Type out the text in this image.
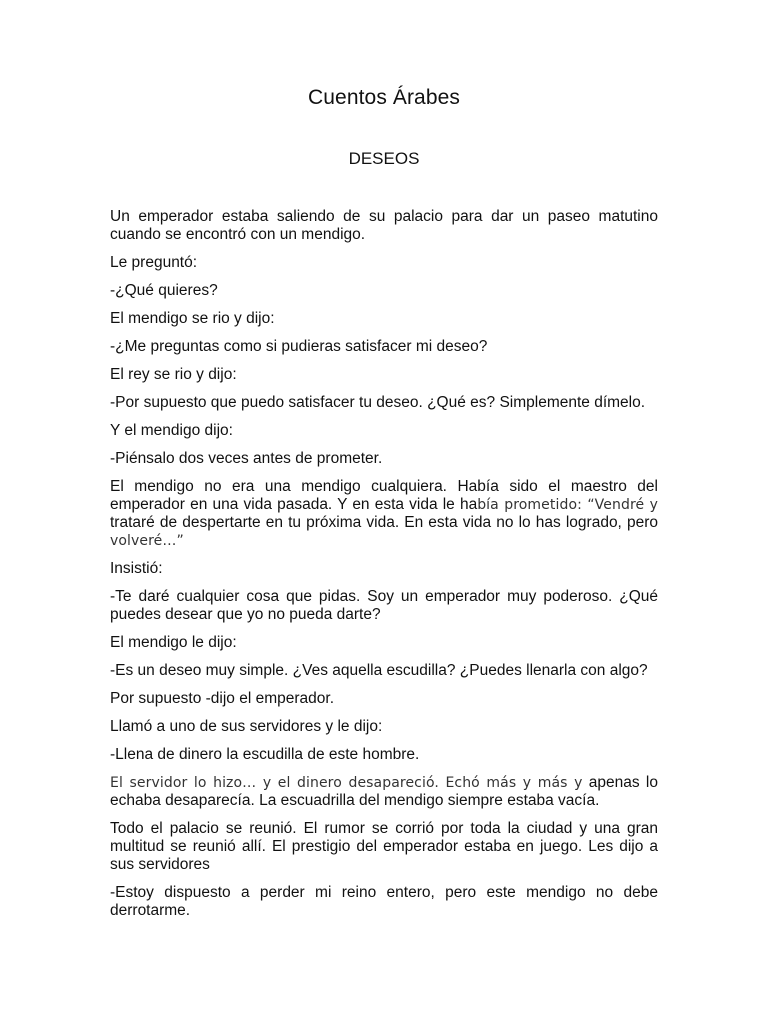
Cuentos Árabes
DESEOS

Un emperador estaba saliendo de su palacio para dar un paseo matutino cuando se encontró con un mendigo.

Le preguntó:

-¿Qué quieres?

El mendigo se rio y dijo:

-¿Me preguntas como si pudieras satisfacer mi deseo?

El rey se rio y dijo:

-Por supuesto que puedo satisfacer tu deseo. ¿Qué es? Simplemente dímelo.

Y el mendigo dijo:

-Piénsalo dos veces antes de prometer.

El mendigo no era una mendigo cualquiera. Había sido el maestro del emperador en una vida pasada. Y en esta vida le había prometido: “Vendré y trataré de despertarte en tu próxima vida. En esta vida no lo has logrado, pero volveré…”

Insistió:

-Te daré cualquier cosa que pidas. Soy un emperador muy poderoso. ¿Qué puedes desear que yo no pueda darte?

El mendigo le dijo:

-Es un deseo muy simple. ¿Ves aquella escudilla? ¿Puedes llenarla con algo?

Por supuesto -dijo el emperador.

Llamó a uno de sus servidores y le dijo:

-Llena de dinero la escudilla de este hombre.

El servidor lo hizo… y el dinero desapareció. Echó más y más y apenas lo echaba desaparecía. La escuadrilla del mendigo siempre estaba vacía.

Todo el palacio se reunió. El rumor se corrió por toda la ciudad y una gran multitud se reunió allí. El prestigio del emperador estaba en juego. Les dijo a sus servidores

-Estoy dispuesto a perder mi reino entero, pero este mendigo no debe derrotarme.
